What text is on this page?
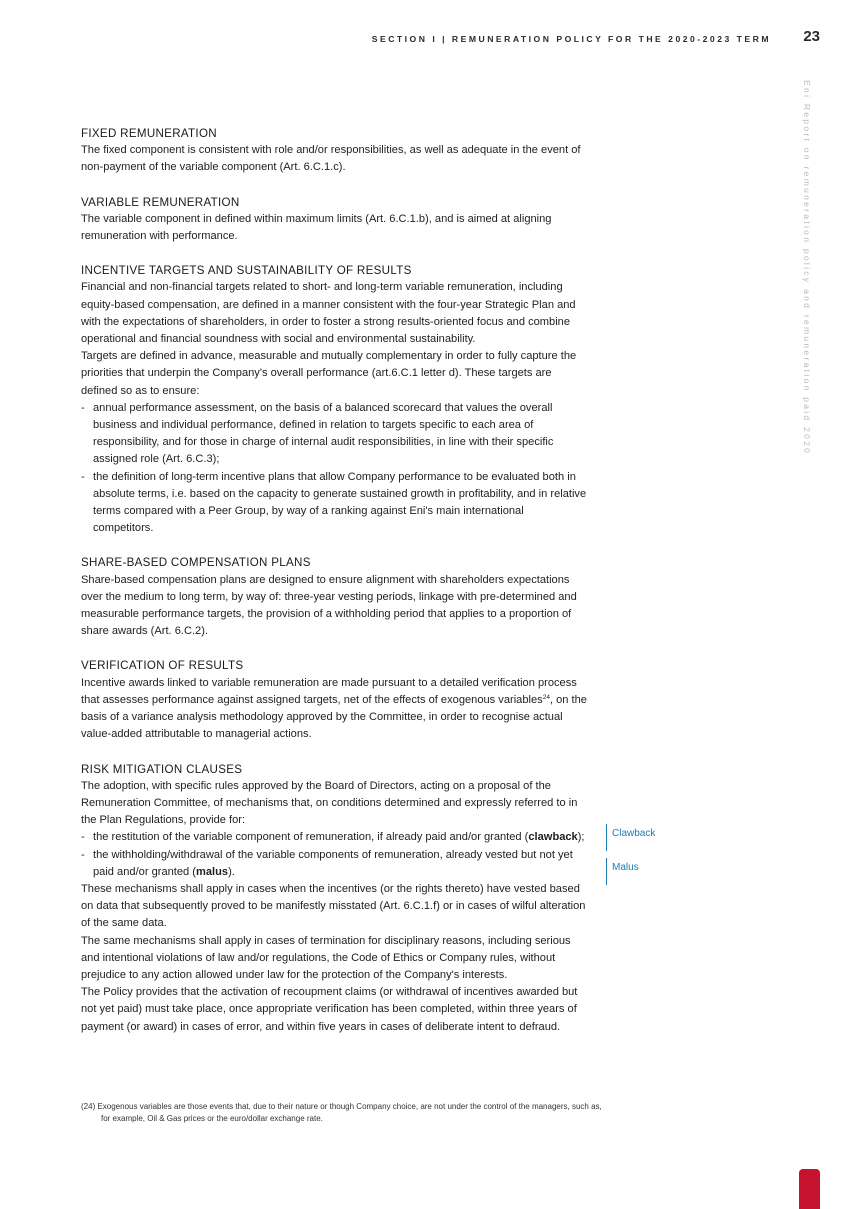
SECTION I | REMUNERATION POLICY FOR THE 2020-2023 TERM 23
Eni Report on remuneration policy and remuneration paid 2020
FIXED REMUNERATION

The fixed component is consistent with role and/or responsibilities, as well as adequate in the event of non-payment of the variable component (Art. 6.C.1.c).

VARIABLE REMUNERATION

The variable component in defined within maximum limits (Art. 6.C.1.b), and is aimed at aligning remuneration with performance.

INCENTIVE TARGETS AND SUSTAINABILITY OF RESULTS

Financial and non-financial targets related to short- and long-term variable remuneration, including equity-based compensation, are defined in a manner consistent with the four-year Strategic Plan and with the expectations of shareholders, in order to foster a strong results-oriented focus and combine operational and financial soundness with social and environmental sustainability.

Targets are defined in advance, measurable and mutually complementary in order to fully capture the priorities that underpin the Company's overall performance (art.6.C.1 letter d). These targets are defined so as to ensure:

- annual performance assessment, on the basis of a balanced scorecard that values the overall business and individual performance, defined in relation to targets specific to each area of responsibility, and for those in charge of internal audit responsibilities, in line with their specific assigned role (Art. 6.C.3);
- the definition of long-term incentive plans that allow Company performance to be evaluated both in absolute terms, i.e. based on the capacity to generate sustained growth in profitability, and in relative terms compared with a Peer Group, by way of a ranking against Eni's main international competitors.
SHARE-BASED COMPENSATION PLANS

Share-based compensation plans are designed to ensure alignment with shareholders expectations over the medium to long term, by way of: three-year vesting periods, linkage with pre-determined and measurable performance targets, the provision of a withholding period that applies to a proportion of share awards (Art. 6.C.2).

VERIFICATION OF RESULTS

Incentive awards linked to variable remuneration are made pursuant to a detailed verification process that assesses performance against assigned targets, net of the effects of exogenous variables$^{24}$, on the basis of a variance analysis methodology approved by the Committee, in order to recognise actual value-added attributable to managerial actions.

RISK MITIGATION CLAUSES

The adoption, with specific rules approved by the Board of Directors, acting on a proposal of the Remuneration Committee, of mechanisms that, on conditions determined and expressly referred to in the Plan Regulations, provide for:

- the restitution of the variable component of remuneration, if already paid and/or granted (clawback);
- the withholding/withdrawal of the variable components of remuneration, already vested but not yet paid and/or granted (malus).

These mechanisms shall apply in cases when the incentives (or the rights thereto) have vested based on data that subsequently proved to be manifestly misstated (Art. 6.C.1.f) or in cases of wilful alteration of the same data.

The same mechanisms shall apply in cases of termination for disciplinary reasons, including serious and intentional violations of law and/or regulations, the Code of Ethics or Company rules, without prejudice to any action allowed under law for the protection of the Company's interests.

The Policy provides that the activation of recoupment claims (or withdrawal of incentives awarded but not yet paid) must take place, once appropriate verification has been completed, within three years of payment (or award) in cases of error, and within five years in cases of deliberate intent to defraud.

Clawback
Malus
(24) Exogenous variables are those events that, due to their nature or though Company choice, are not under the control of the managers, such as, for example, Oil & Gas prices or the euro/dollar exchange rate.
